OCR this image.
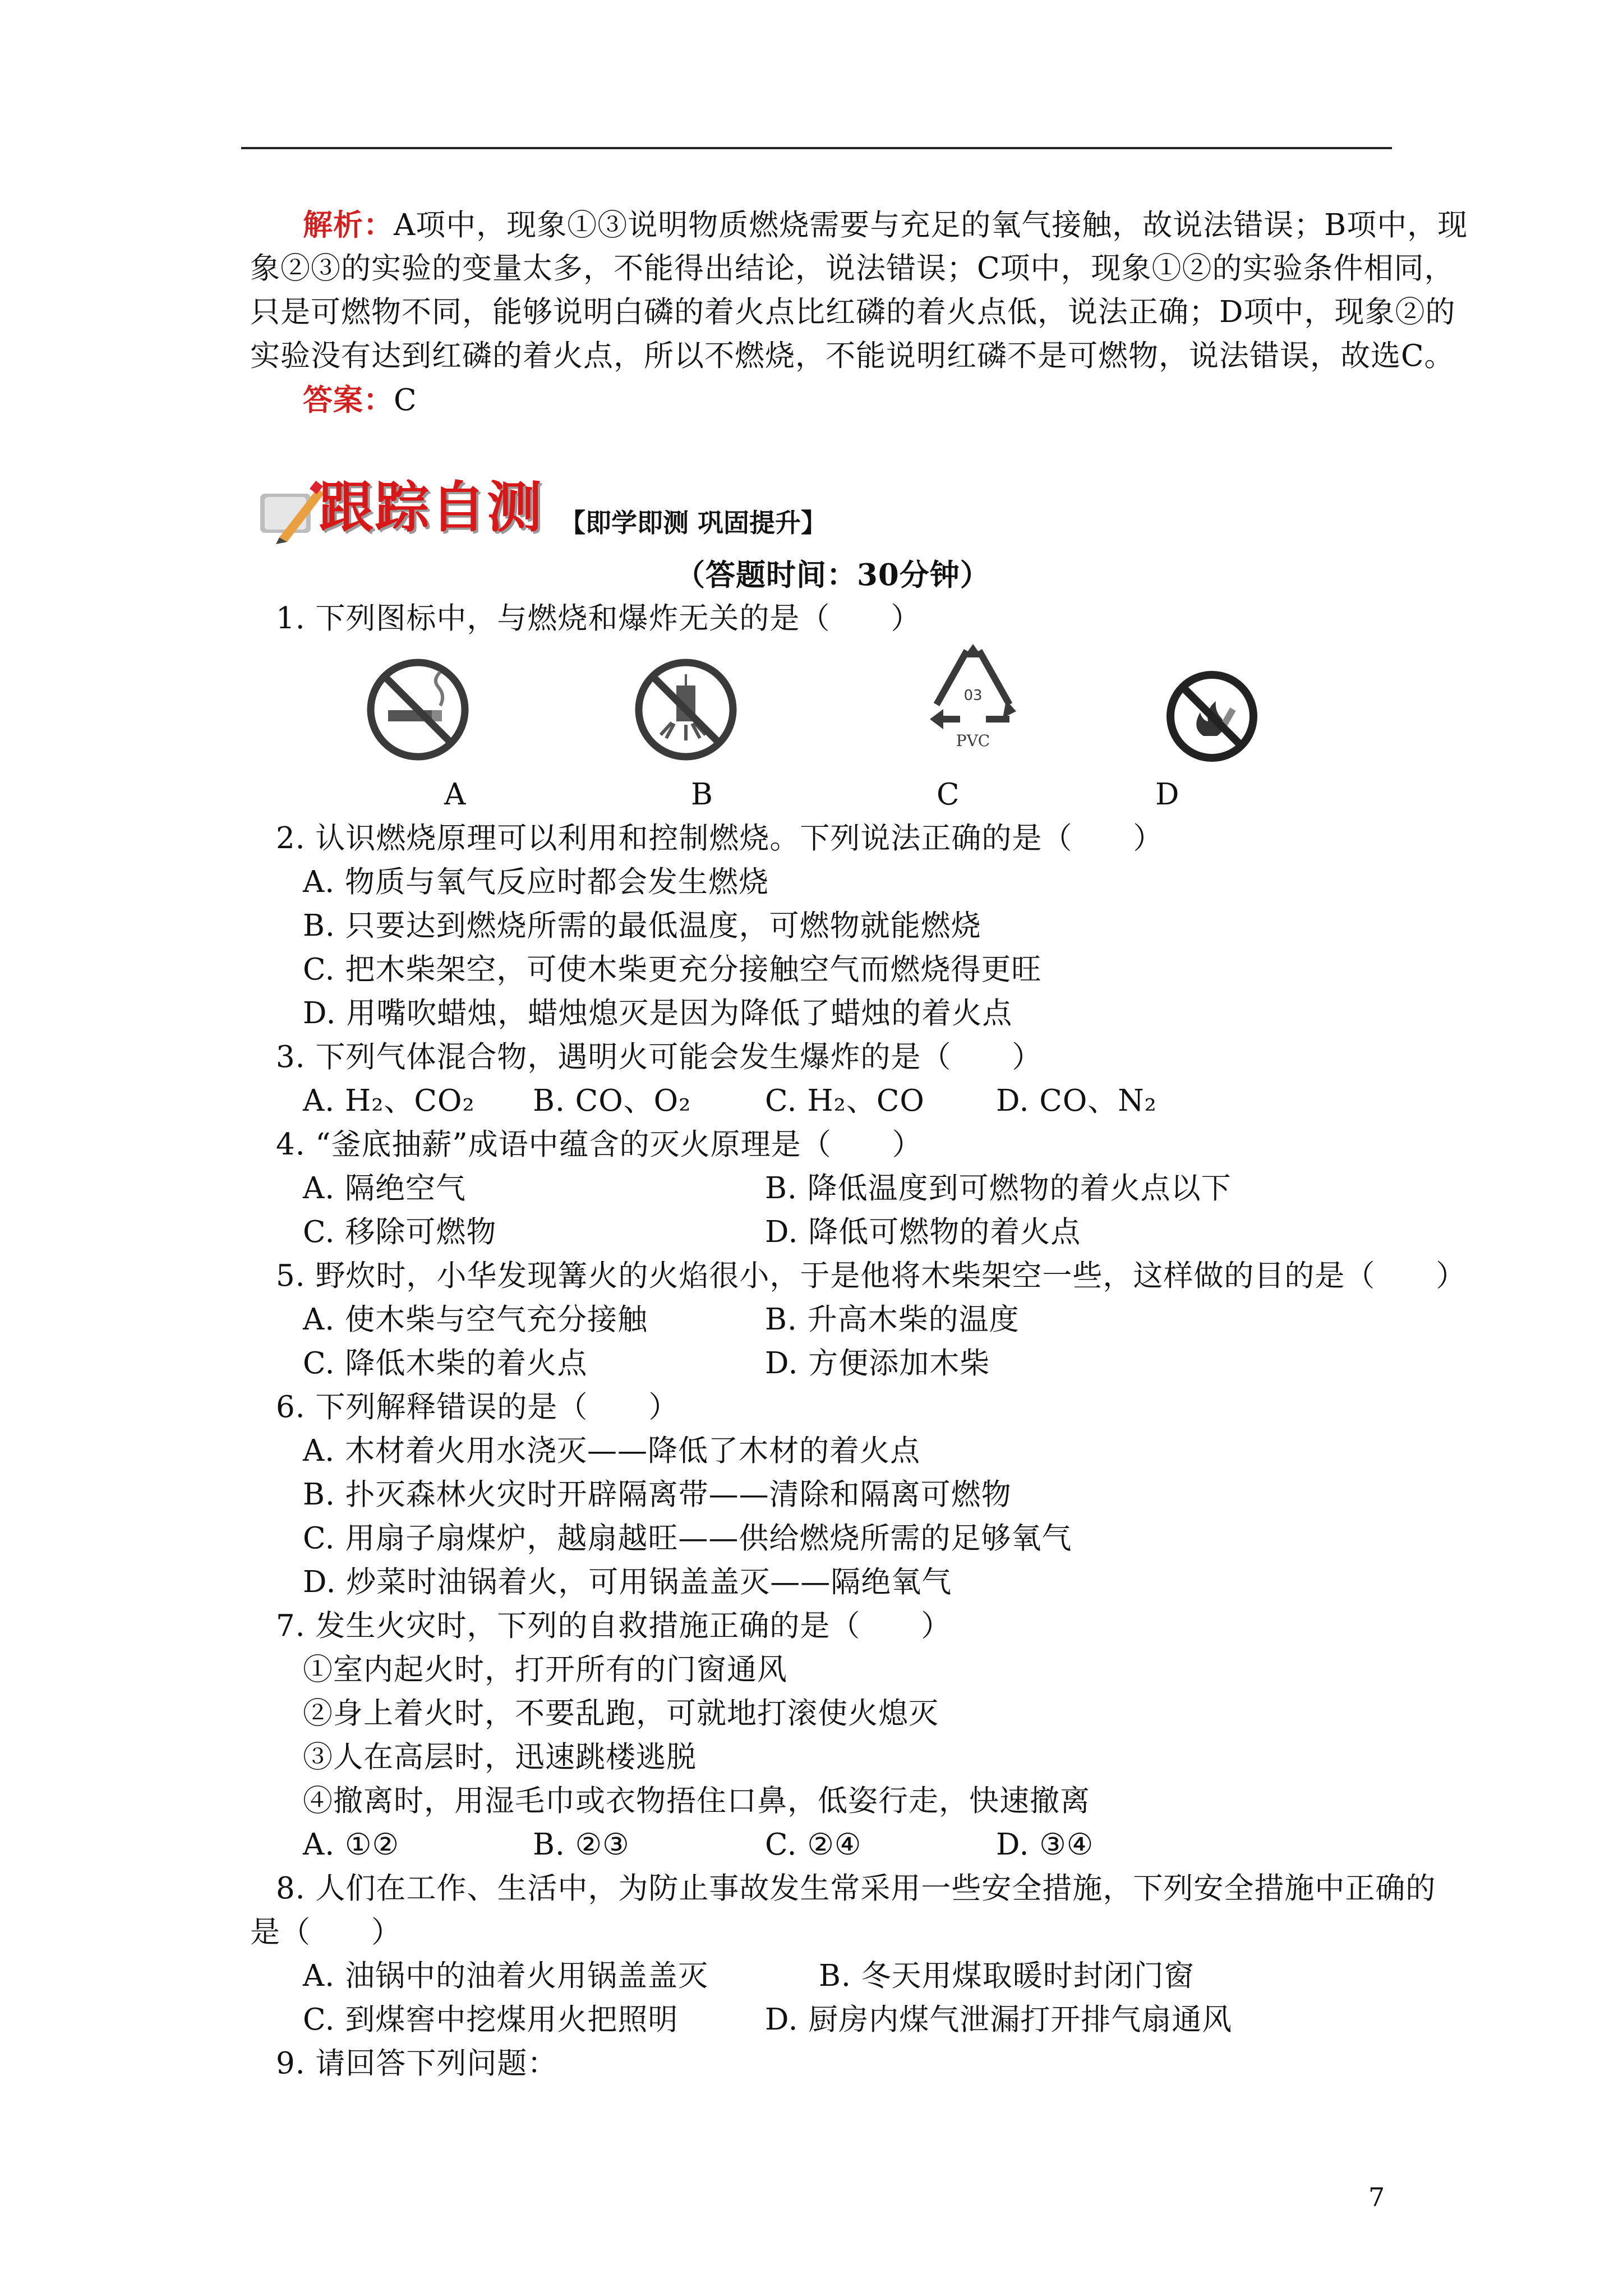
解析：A项中，现象①③说明物质燃烧需要与充足的氧气接触，故说法错误；B项中，现
象②③的实验的变量太多，不能得出结论，说法错误；C项中，现象①②的实验条件相同，
只是可燃物不同，能够说明白磷的着火点比红磷的着火点低，说法正确；D项中，现象②的
实验没有达到红磷的着火点，所以不燃烧，不能说明红磷不是可燃物，说法错误，故选C。
答案：C
跟踪自测 【即学即测 巩固提升】
（答题时间：30分钟）
1. 下列图标中，与燃烧和爆炸无关的是（　　）
03
PVC
A	B	C	D
2. 认识燃烧原理可以利用和控制燃烧。下列说法正确的是（　　）
A. 物质与氧气反应时都会发生燃烧
B. 只要达到燃烧所需的最低温度，可燃物就能燃烧
C. 把木柴架空，可使木柴更充分接触空气而燃烧得更旺
D. 用嘴吹蜡烛，蜡烛熄灭是因为降低了蜡烛的着火点
3. 下列气体混合物，遇明火可能会发生爆炸的是（　　）
A. H₂、CO₂ B. CO、O₂ C. H₂、CO D. CO、N₂
4. “釜底抽薪”成语中蕴含的灭火原理是（　　）
A. 隔绝空气	B. 降低温度到可燃物的着火点以下
C. 移除可燃物	D. 降低可燃物的着火点
5. 野炊时，小华发现篝火的火焰很小，于是他将木柴架空一些，这样做的目的是（　　）
A. 使木柴与空气充分接触	B. 升高木柴的温度
C. 降低木柴的着火点	D. 方便添加木柴
6. 下列解释错误的是（　　）
A. 木材着火用水浇灭——降低了木材的着火点
B. 扑灭森林火灾时开辟隔离带——清除和隔离可燃物
C. 用扇子扇煤炉，越扇越旺——供给燃烧所需的足够氧气
D. 炒菜时油锅着火，可用锅盖盖灭——隔绝氧气
7. 发生火灾时，下列的自救措施正确的是（　　）
①室内起火时，打开所有的门窗通风
②身上着火时，不要乱跑，可就地打滚使火熄灭
③人在高层时，迅速跳楼逃脱
④撤离时，用湿毛巾或衣物捂住口鼻，低姿行走，快速撤离
A. ①②	B. ②③	C. ②④	D. ③④
8. 人们在工作、生活中，为防止事故发生常采用一些安全措施，下列安全措施中正确的
是（　　）
A. 油锅中的油着火用锅盖盖灭	B. 冬天用煤取暖时封闭门窗
C. 到煤窖中挖煤用火把照明	D. 厨房内煤气泄漏打开排气扇通风
9. 请回答下列问题：
7
